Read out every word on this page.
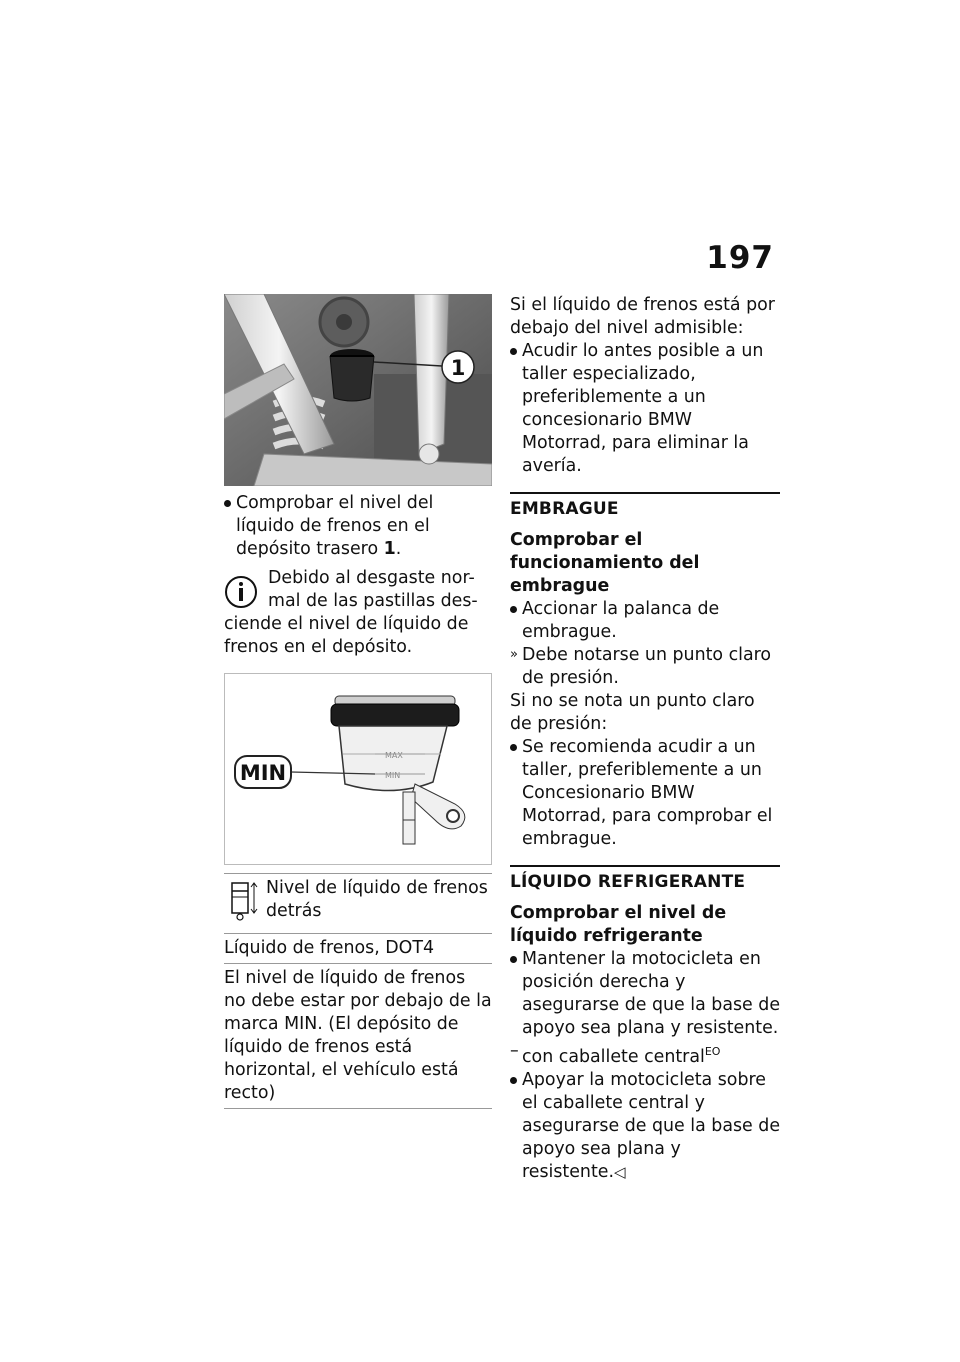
197
1

Comprobar el nivel del líquido de frenos en el depósito trasero 1.

Debido al desgaste nor-

mal de las pastillas des-

ciende el nivel de líquido de frenos en el depósito.

MAX
MIN
MIN
Nivel de líquido de frenos detrás

Líquido de frenos, DOT4
El nivel de líquido de frenos no debe estar por debajo de la marca MIN. (El depósito de líquido de frenos está horizontal, el vehículo está recto)

Si el líquido de frenos está por debajo del nivel admisible:

Acudir lo antes posible a un taller especializado, preferiblemente a un concesionario BMW Motorrad, para eliminar la avería.

EMBRAGUE

Comprobar el funcionamiento del embrague

Accionar la palanca de embrague.

» Debe notarse un punto claro de presión.

Si no se nota un punto claro de presión:

Se recomienda acudir a un taller, preferiblemente a un Concesionario BMW Motorrad, para comprobar el embrague.

LÍQUIDO REFRIGERANTE

Comprobar el nivel de líquido refrigerante

Mantener la motocicleta en posición derecha y asegurarse de que la base de apoyo sea plana y resistente.

– con caballete central$^{EO}$

Apoyar la motocicleta sobre el caballete central y asegurarse de que la base de apoyo sea plana y resistente.◁
